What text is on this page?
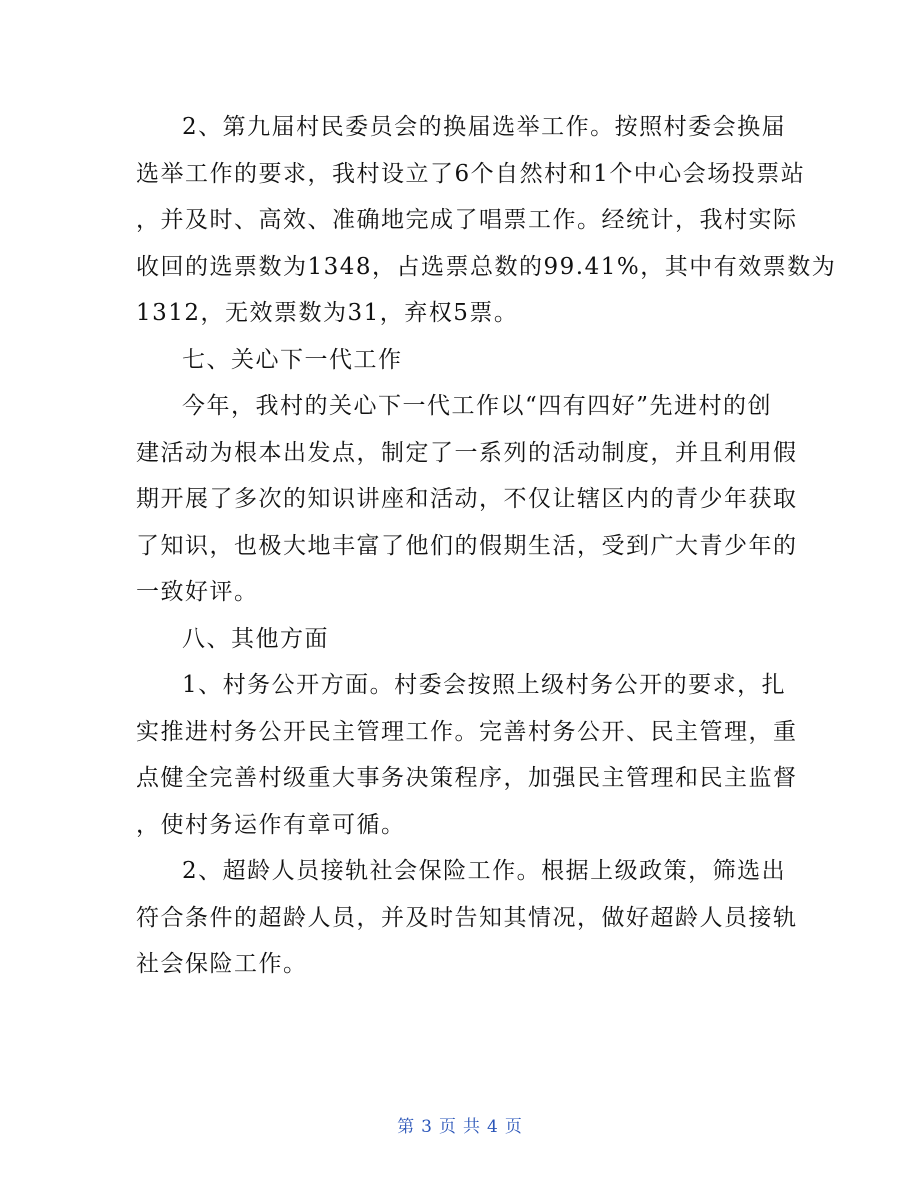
2、第九届村民委员会的换届选举工作。按照村委会换届
选举工作的要求，我村设立了6个自然村和1个中心会场投票站
，并及时、高效、准确地完成了唱票工作。经统计，我村实际
收回的选票数为1348，占选票总数的99.41%，其中有效票数为
1312，无效票数为31，弃权5票。
七、关心下一代工作
今年，我村的关心下一代工作以“四有四好”先进村的创
建活动为根本出发点，制定了一系列的活动制度，并且利用假
期开展了多次的知识讲座和活动，不仅让辖区内的青少年获取
了知识，也极大地丰富了他们的假期生活，受到广大青少年的
一致好评。
八、其他方面
1、村务公开方面。村委会按照上级村务公开的要求，扎
实推进村务公开民主管理工作。完善村务公开、民主管理，重
点健全完善村级重大事务决策程序，加强民主管理和民主监督
，使村务运作有章可循。
2、超龄人员接轨社会保险工作。根据上级政策，筛选出
符合条件的超龄人员，并及时告知其情况，做好超龄人员接轨
社会保险工作。
第 3 页 共 4 页
